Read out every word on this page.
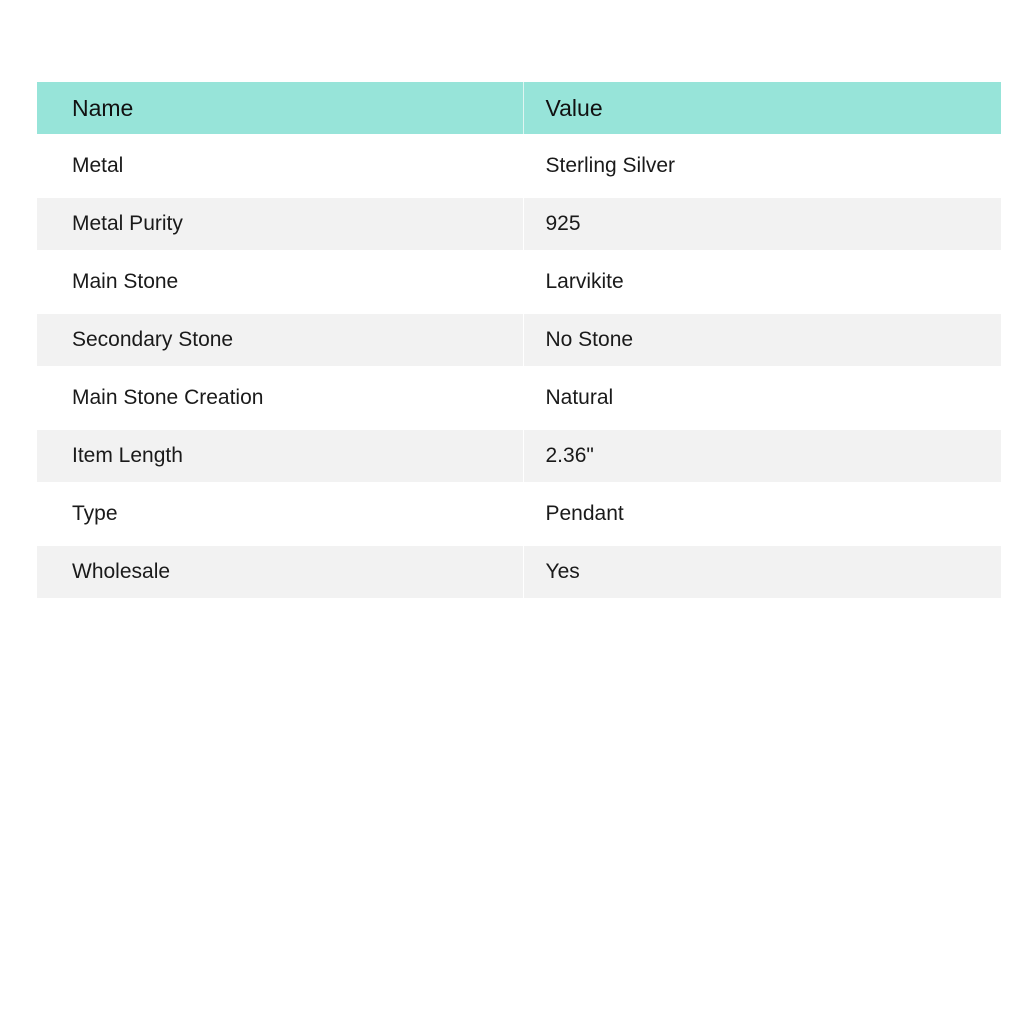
Name	Value
Metal	Sterling Silver
Metal Purity	925
Main Stone	Larvikite
Secondary Stone	No Stone
Main Stone Creation	Natural
Item Length	2.36"
Type	Pendant
Wholesale	Yes
